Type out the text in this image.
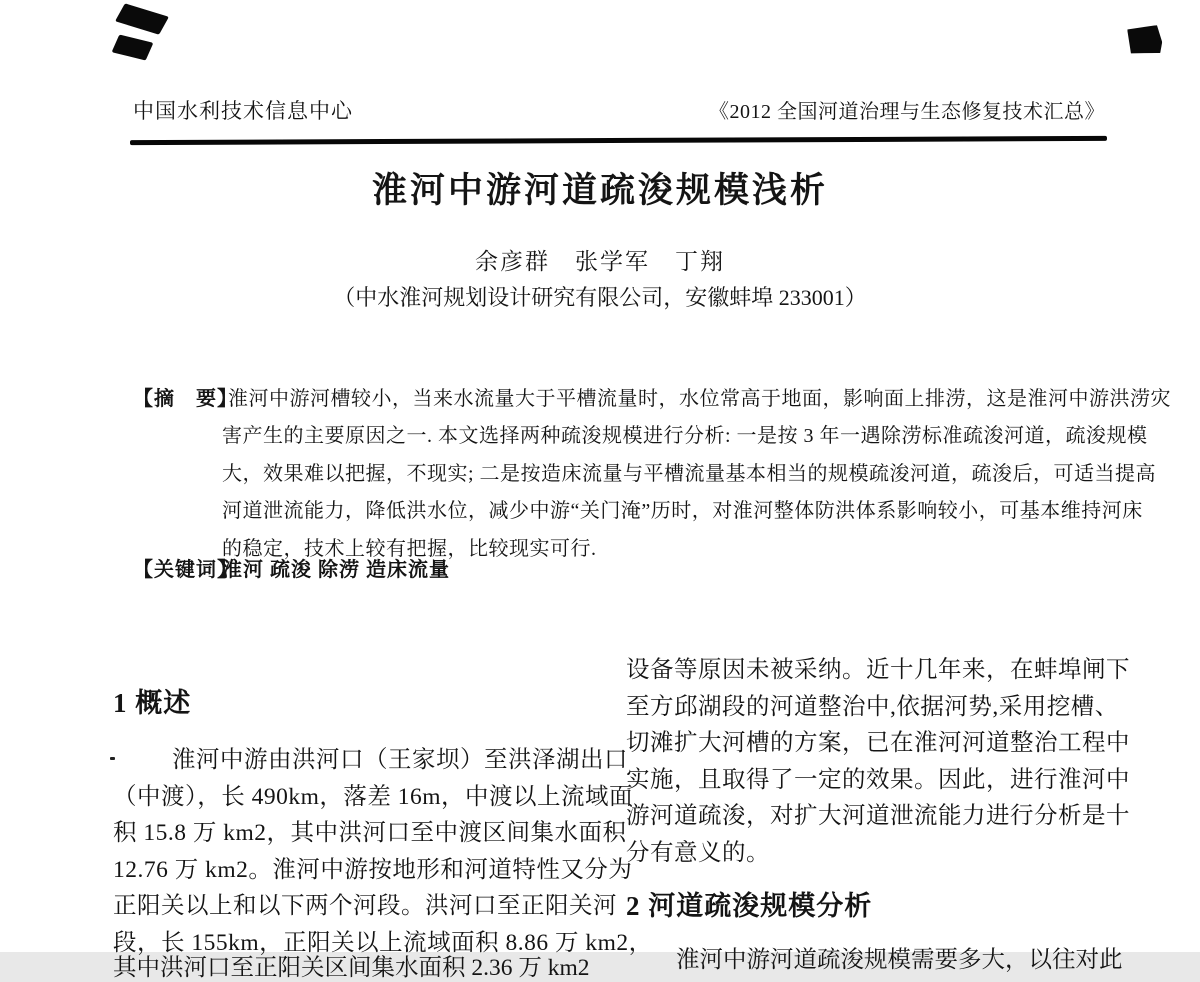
中国水利技术信息中心	《2012 全国河道治理与生态修复技术汇总》
淮河中游河道疏浚规模浅析
余彦群　张学军　丁翔
（中水淮河规划设计研究有限公司，安徽蚌埠 233001）
【摘　要】
淮河中游河槽较小，当来水流量大于平槽流量时，水位常高于地面，影响面上排涝，这是淮河中游洪涝灾
害产生的主要原因之一. 本文选择两种疏浚规模进行分析: 一是按 3 年一遇除涝标准疏浚河道，疏浚规模
大，效果难以把握，不现实; 二是按造床流量与平槽流量基本相当的规模疏浚河道，疏浚后，可适当提高
河道泄流能力，降低洪水位，减少中游“关门淹”历时，对淮河整体防洪体系影响较小，可基本维持河床
的稳定，技术上较有把握，比较现实可行.
【关键词】
淮河 疏浚 除涝 造床流量
1 概述
淮河中游由洪河口（王家坝）至洪泽湖出口
（中渡），长 490km，落差 16m，中渡以上流域面
积 15.8 万 km2，其中洪河口至中渡区间集水面积
12.76 万 km2。淮河中游按地形和河道特性又分为
正阳关以上和以下两个河段。洪河口至正阳关河
段，长 155km，正阳关以上流域面积 8.86 万 km2，
其中洪河口至正阳关区间集水面积 2.36 万 km2
设备等原因未被采纳。近十几年来，在蚌埠闸下
至方邱湖段的河道整治中,依据河势,采用挖槽、
切滩扩大河槽的方案，已在淮河河道整治工程中
实施，且取得了一定的效果。因此，进行淮河中
游河道疏浚，对扩大河道泄流能力进行分析是十
分有意义的。
2 河道疏浚规模分析
淮河中游河道疏浚规模需要多大，以往对此
